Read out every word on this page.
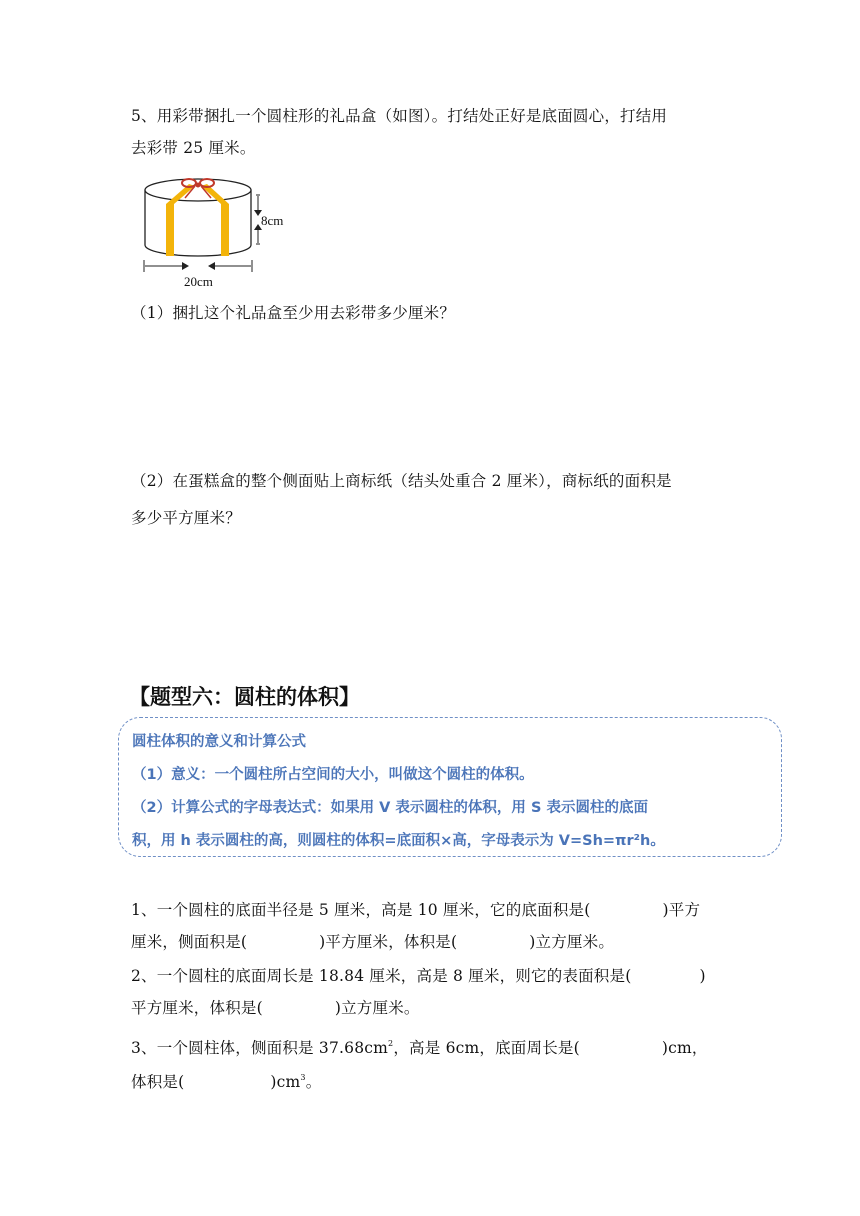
5、用彩带捆扎一个圆柱形的礼品盒（如图）。打结处正好是底面圆心，打结用
去彩带 25 厘米。
8cm
20cm
（1）捆扎这个礼品盒至少用去彩带多少厘米？
（2）在蛋糕盒的整个侧面贴上商标纸（结头处重合 2 厘米），商标纸的面积是
多少平方厘米？
【题型六：圆柱的体积】
圆柱体积的意义和计算公式
（1）意义：一个圆柱所占空间的大小，叫做这个圆柱的体积。
（2）计算公式的字母表达式：如果用 V 表示圆柱的体积，用 S 表示圆柱的底面
积，用 h 表示圆柱的高，则圆柱的体积=底面积×高，字母表示为 V=Sh=πr²h。
1、一个圆柱的底面半径是 5 厘米，高是 10 厘米，它的底面积是(	)平方
厘米，侧面积是(	)平方厘米，体积是(	)立方厘米。
2、一个圆柱的底面周长是 18.84 厘米，高是 8 厘米，则它的表面积是(	)
平方厘米，体积是(	)立方厘米。
3、一个圆柱体，侧面积是 $37.68cm^2$，高是 6cm，底面周长是(	)cm，
体积是(	)$cm^3$。
